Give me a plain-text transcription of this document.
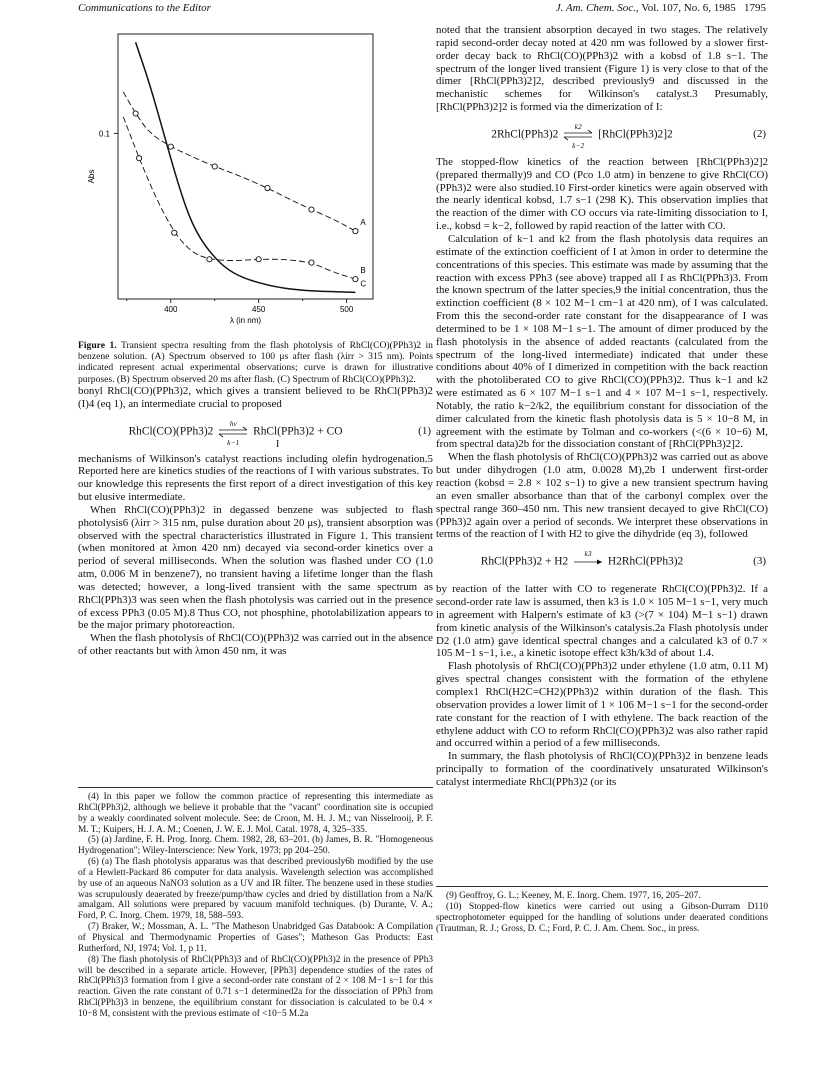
Communications to the Editor	J. Am. Chem. Soc., Vol. 107, No. 6, 1985 1795
0.1
400	450	500
λ (in nm)
Abs
A
B
C

Figure 1. Transient spectra resulting from the flash photolysis of RhCl(CO)(PPh3)2 in benzene solution. (A) Spectrum observed to 100 μs after flash (λirr > 315 nm). Points indicated represent actual experimental observations; curve is drawn for illustrative purposes. (B) Spectrum observed 20 ms after flash. (C) Spectrum of RhCl(CO)(PPh3)2.

bonyl RhCl(CO)(PPh3)2, which gives a transient believed to be RhCl(PPh3)2 (I)4 (eq 1), an intermediate crucial to proposed

RhCl(CO)(PPh3)2
hν
k−1
RhCl(PPh3)2 + CO
I
(1)

mechanisms of Wilkinson's catalyst reactions including olefin hydrogenation.5 Reported here are kinetics studies of the reactions of I with various substrates. To our knowledge this represents the first report of a direct investigation of this key but elusive intermediate.

When RhCl(CO)(PPh3)2 in degassed benzene was subjected to flash photolysis6 (λirr > 315 nm, pulse duration about 20 μs), transient absorption was observed with the spectral characteristics illustrated in Figure 1. This transient (when monitored at λmon 420 nm) decayed via second-order kinetics over a period of several milliseconds. When the solution was flashed under CO (1.0 atm, 0.006 M in benzene7), no transient having a lifetime longer than the flash was detected; however, a long-lived transient with the same spectrum as RhCl(PPh3)3 was seen when the flash photolysis was carried out in the presence of excess PPh3 (0.05 M).8 Thus CO, not phosphine, photolabilization appears to be the major primary photoreaction.

When the flash photolysis of RhCl(CO)(PPh3)2 was carried out in the absence of other reactants but with λmon 450 nm, it was

noted that the transient absorption decayed in two stages. The relatively rapid second-order decay noted at 420 nm was followed by a slower first-order decay back to RhCl(CO)(PPh3)2 with a kobsd of 1.8 s−1. The spectrum of the longer lived transient (Figure 1) is very close to that of the dimer [RhCl(PPh3)2]2, described previously9 and discussed in the mechanistic schemes for Wilkinson's catalyst.3 Presumably, [RhCl(PPh3)2]2 is formed via the dimerization of I:

2RhCl(PPh3)2
k2
k−2
[RhCl(PPh3)2]2	(2)

The stopped-flow kinetics of the reaction between [RhCl(PPh3)2]2 (prepared thermally)9 and CO (Pco 1.0 atm) in benzene to give RhCl(CO)(PPh3)2 were also studied.10 First-order kinetics were again observed with the nearly identical kobsd, 1.7 s−1 (298 K). This observation implies that the reaction of the dimer with CO occurs via rate-limiting dissociation to I, i.e., kobsd = k−2, followed by rapid reaction of the latter with CO.

Calculation of k−1 and k2 from the flash photolysis data requires an estimate of the extinction coefficient of I at λmon in order to determine the concentrations of this species. This estimate was made by assuming that the reaction with excess PPh3 (see above) trapped all I as RhCl(PPh3)3. From the known spectrum of the latter species,9 the initial concentration, thus the extinction coefficient (8 × 102 M−1 cm−1 at 420 nm), of I was calculated. From this the second-order rate constant for the disappearance of I was determined to be 1 × 108 M−1 s−1. The amount of dimer produced by the flash photolysis in the absence of added reactants (calculated from the spectrum of the long-lived intermediate) indicated that under these conditions about 40% of I dimerized in competition with the back reaction with the photoliberated CO to give RhCl(CO)(PPh3)2. Thus k−1 and k2 were estimated as 6 × 107 M−1 s−1 and 4 × 107 M−1 s−1, respectively. Notably, the ratio k−2/k2, the equilibrium constant for dissociation of the dimer calculated from the kinetic flash photolysis data is 5 × 10−8 M, in agreement with the estimate by Tolman and co-workers (<(6 × 10−6) M, from spectral data)2b for the dissociation constant of [RhCl(PPh3)2]2.

When the flash photolysis of RhCl(CO)(PPh3)2 was carried out as above but under dihydrogen (1.0 atm, 0.0028 M),2b I underwent first-order reaction (kobsd = 2.8 × 102 s−1) to give a new transient spectrum having an even smaller absorbance than that of the carbonyl complex over the spectral range 360–450 nm. This new transient decayed to give RhCl(CO)(PPh3)2 again over a period of seconds. We interpret these observations in terms of the reaction of I with H2 to give the dihydride (eq 3), followed

RhCl(PPh3)2 + H2
k3
H2RhCl(PPh3)2	(3)

by reaction of the latter with CO to regenerate RhCl(CO)(PPh3)2. If a second-order rate law is assumed, then k3 is 1.0 × 105 M−1 s−1, very much in agreement with Halpern's estimate of k3 (>(7 × 104) M−1 s−1) drawn from kinetic analysis of the Wilkinson's catalysis.2a Flash photolysis under D2 (1.0 atm) gave identical spectral changes and a calculated k3 of 0.7 × 105 M−1 s−1, i.e., a kinetic isotope effect k3h/k3d of about 1.4.

Flash photolysis of RhCl(CO)(PPh3)2 under ethylene (1.0 atm, 0.11 M) gives spectral changes consistent with the formation of the ethylene complex1 RhCl(H2C=CH2)(PPh3)2 within duration of the flash. This observation provides a lower limit of 1 × 106 M−1 s−1 for the second-order rate constant for the reaction of I with ethylene. The back reaction of the ethylene adduct with CO to reform RhCl(CO)(PPh3)2 was also rather rapid and occurred within a period of a few milliseconds.

In summary, the flash photolysis of RhCl(CO)(PPh3)2 in benzene leads principally to formation of the coordinatively unsaturated Wilkinson's catalyst intermediate RhCl(PPh3)2 (or its

(4) In this paper we follow the common practice of representing this intermediate as RhCl(PPh3)2, although we believe it probable that the "vacant" coordination site is occupied by a weakly coordinated solvent molecule. See: de Croon, M. H. J. M.; van Nisselrooij, P. F. M. T.; Kuipers, H. J. A. M.; Coenen, J. W. E. J. Mol. Catal. 1978, 4, 325–335.
(5) (a) Jardine, F. H. Prog. Inorg. Chem. 1982, 28, 63–201. (b) James, B. R. "Homogeneous Hydrogenation"; Wiley-Interscience: New York, 1973; pp 204–250.
(6) (a) The flash photolysis apparatus was that described previously6b modified by the use of a Hewlett-Packard 86 computer for data analysis. Wavelength selection was accomplished by use of an aqueous NaNO3 solution as a UV and IR filter. The benzene used in these studies was scrupulously deaerated by freeze/pump/thaw cycles and dried by distillation from a Na/K amalgam. All solutions were prepared by vacuum manifold techniques. (b) Durante, V. A.; Ford, P. C. Inorg. Chem. 1979, 18, 588–593.
(7) Braker, W.; Mossman, A. L. "The Matheson Unabridged Gas Databook: A Compilation of Physical and Thermodynamic Properties of Gases"; Matheson Gas Products: East Rutherford, NJ, 1974; Vol. 1, p 11.
(8) The flash photolysis of RhCl(PPh3)3 and of RhCl(CO)(PPh3)2 in the presence of PPh3 will be described in a separate article. However, [PPh3] dependence studies of the rates of RhCl(PPh3)3 formation from I give a second-order rate constant of 2 × 108 M−1 s−1 for this reaction. Given the rate constant of 0.71 s−1 determined2a for the dissociation of PPh3 from RhCl(PPh3)3 in benzene, the equilibrium constant for dissociation is calculated to be 0.4 × 10−8 M, consistent with the previous estimate of <10−5 M.2a
(9) Geoffroy, G. L.; Keeney, M. E. Inorg. Chem. 1977, 16, 205–207.
(10) Stopped-flow kinetics were carried out using a Gibson-Durram D110 spectrophotometer equipped for the handling of solutions under deaerated conditions (Trautman, R. J.; Gross, D. C.; Ford, P. C. J. Am. Chem. Soc., in press.
